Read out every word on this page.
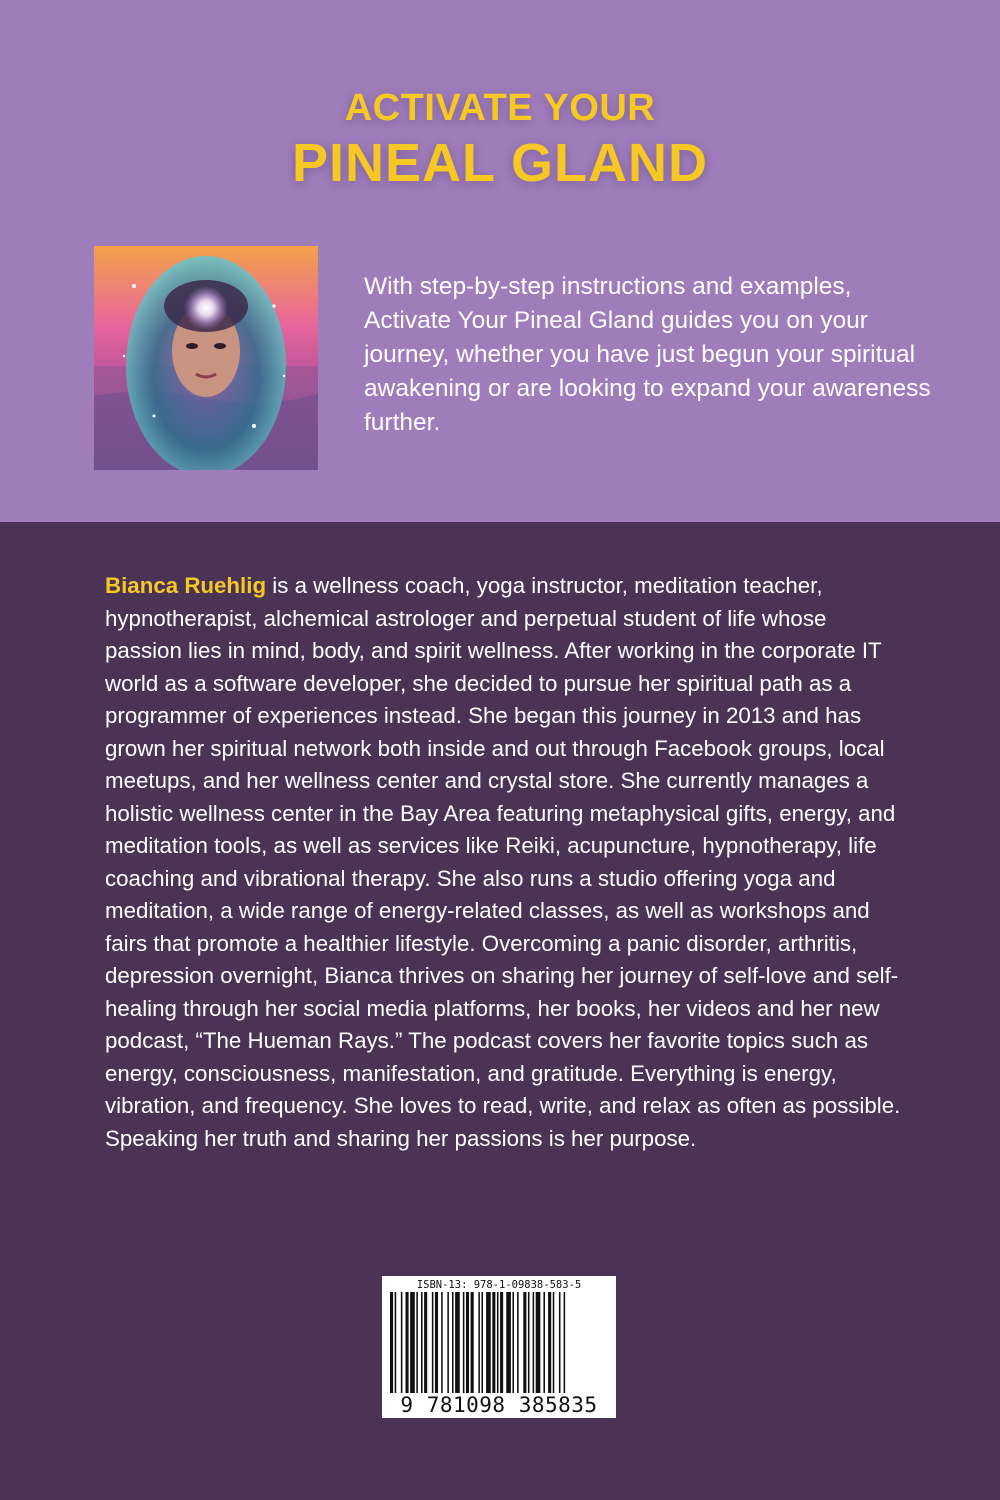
ACTIVATE YOUR
PINEAL GLAND

With step-by-step instructions and examples, Activate Your Pineal Gland guides you on your journey, whether you have just begun your spiritual awakening or are looking to expand your awareness further.

Bianca Ruehlig is a wellness coach, yoga instructor, meditation teacher, hypnotherapist, alchemical astrologer and perpetual student of life whose passion lies in mind, body, and spirit wellness. After working in the corporate IT world as a software developer, she decided to pursue her spiritual path as a programmer of experiences instead. She began this journey in 2013 and has grown her spiritual network both inside and out through Facebook groups, local meetups, and her wellness center and crystal store. She currently manages a holistic wellness center in the Bay Area featuring metaphysical gifts, energy, and meditation tools, as well as services like Reiki, acupuncture, hypnotherapy, life coaching and vibrational therapy. She also runs a studio offering yoga and meditation, a wide range of energy-related classes, as well as workshops and fairs that promote a healthier lifestyle. Overcoming a panic disorder, arthritis, depression overnight, Bianca thrives on sharing her journey of self-love and self-healing through her social media platforms, her books, her videos and her new podcast, “The Hueman Rays.” The podcast covers her favorite topics such as energy, consciousness, manifestation, and gratitude. Everything is energy, vibration, and frequency. She loves to read, write, and relax as often as possible. Speaking her truth and sharing her passions is her purpose.

ISBN-13: 978-1-09838-583-5
9 781098 385835
